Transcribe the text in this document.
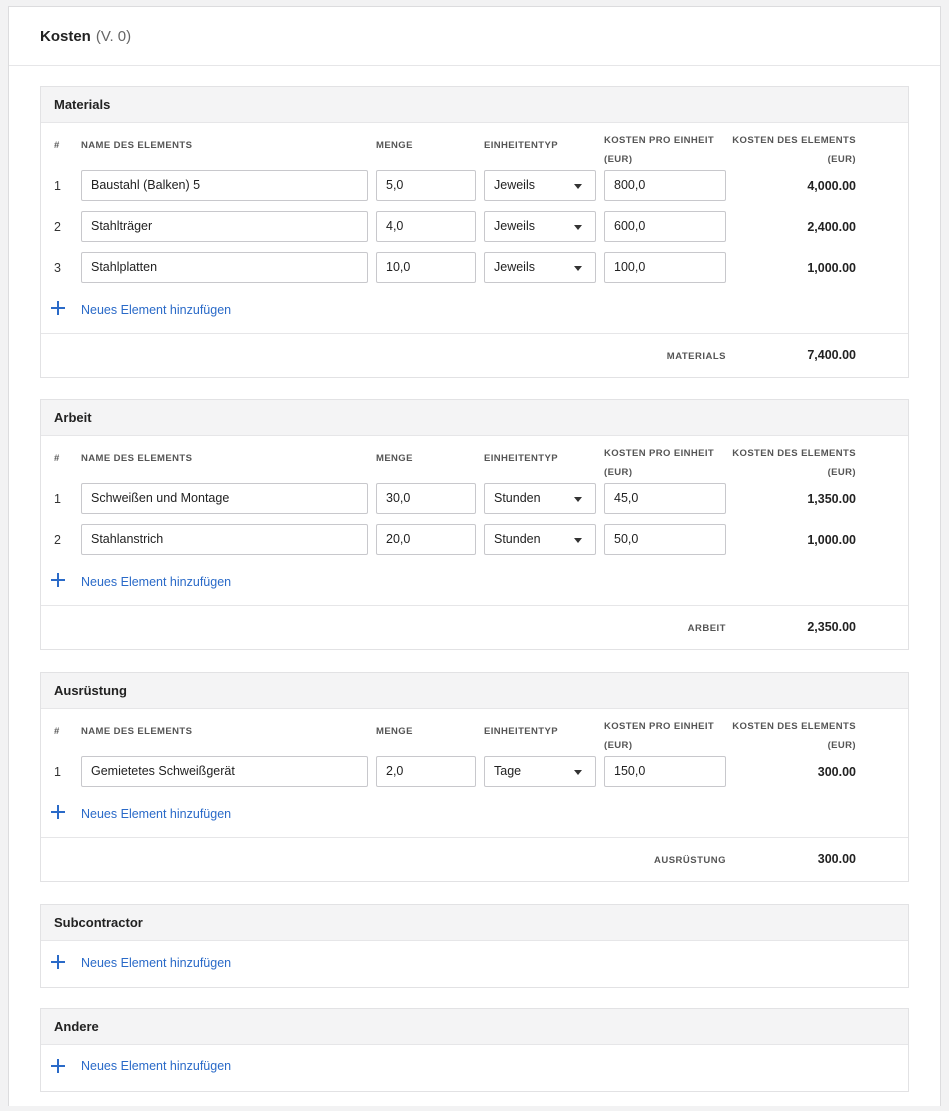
Kosten (V. 0)
Materials
# NAME DES ELEMENTS	MENGE	EINHEITENTYP	KOSTEN PRO EINHEIT
(EUR)
KOSTEN DES ELEMENTS
(EUR)
1	Baustahl (Balken) 5	5,0	Jeweils	800,0	4,000.00
2	Stahlträger	4,0	Jeweils	600,0	2,400.00
3	Stahlplatten	10,0	Jeweils	100,0	1,000.00
Neues Element hinzufügen
MATERIALS	7,400.00
Arbeit
# NAME DES ELEMENTS	MENGE	EINHEITENTYP	KOSTEN PRO EINHEIT
(EUR)
KOSTEN DES ELEMENTS
(EUR)
1	Schweißen und Montage	30,0	Stunden	45,0	1,350.00
2	Stahlanstrich	20,0	Stunden	50,0	1,000.00
Neues Element hinzufügen
ARBEIT	2,350.00
Ausrüstung
# NAME DES ELEMENTS	MENGE	EINHEITENTYP	KOSTEN PRO EINHEIT
(EUR)
KOSTEN DES ELEMENTS
(EUR)
1	Gemietetes Schweißgerät	2,0	Tage	150,0	300.00
Neues Element hinzufügen
AUSRÜSTUNG	300.00
Subcontractor
Neues Element hinzufügen
Andere
Neues Element hinzufügen
